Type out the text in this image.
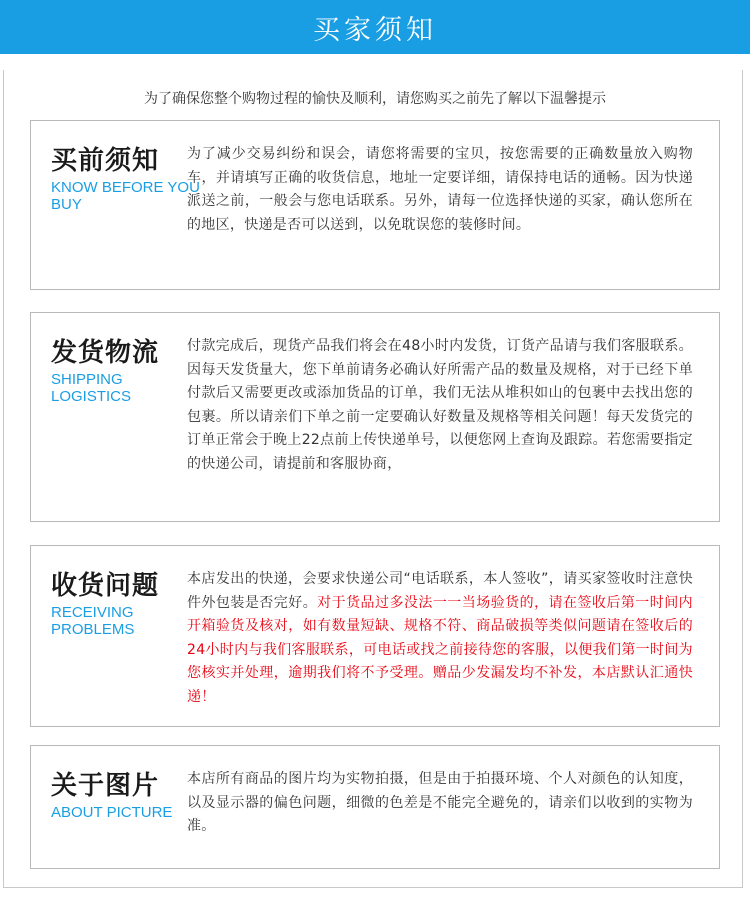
买家须知
为了确保您整个购物过程的愉快及顺利，请您购买之前先了解以下温馨提示
买前须知
KNOW BEFORE YOU BUY
为了减少交易纠纷和误会，请您将需要的宝贝，按您需要的正确数量放入购物车，并请填写正确的收货信息，地址一定要详细，请保持电话的通畅。因为快递派送之前，一般会与您电话联系。另外，请每一位选择快递的买家，确认您所在的地区，快递是否可以送到，以免耽误您的装修时间。
发货物流
SHIPPING LOGISTICS
付款完成后，现货产品我们将会在48小时内发货，订货产品请与我们客服联系。因每天发货量大，您下单前请务必确认好所需产品的数量及规格，对于已经下单付款后又需要更改或添加货品的订单，我们无法从堆积如山的包裹中去找出您的包裹。所以请亲们下单之前一定要确认好数量及规格等相关问题！每天发货完的订单正常会于晚上22点前上传快递单号，以便您网上查询及跟踪。若您需要指定的快递公司，请提前和客服协商，
收货问题
RECEIVING PROBLEMS
本店发出的快递，会要求快递公司“电话联系，本人签收”，请买家签收时注意快件外包装是否完好。对于货品过多没法一一当场验货的，请在签收后第一时间内开箱验货及核对，如有数量短缺、规格不符、商品破损等类似问题请在签收后的24小时内与我们客服联系，可电话或找之前接待您的客服，以便我们第一时间为您核实并处理，逾期我们将不予受理。赠品少发漏发均不补发，本店默认汇通快递！
关于图片
ABOUT PICTURE
本店所有商品的图片均为实物拍摄，但是由于拍摄环境、个人对颜色的认知度，以及显示器的偏色问题，细微的色差是不能完全避免的，请亲们以收到的实物为准。
